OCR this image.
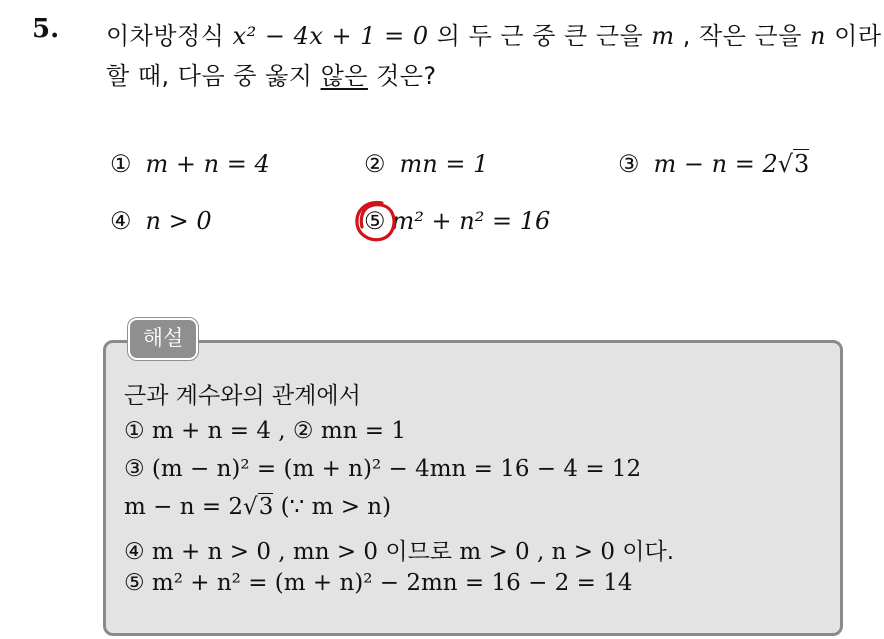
5. 이차방정식 x² − 4x + 1 = 0 의 두 근 중 큰 근을 m , 작은 근을 n 이라
할 때, 다음 중 옳지 않은 것은?
① m + n = 4	② mn = 1	③ m − n = 2√3
④ n > 0	⑤ m² + n² = 16
해설
근과 계수와의 관계에서
① m + n = 4 , ② mn = 1
③ (m − n)² = (m + n)² − 4mn = 16 − 4 = 12
m − n = 2√3 (∵ m > n)
④ m + n > 0 , mn > 0 이므로 m > 0 , n > 0 이다.
⑤ m² + n² = (m + n)² − 2mn = 16 − 2 = 14
